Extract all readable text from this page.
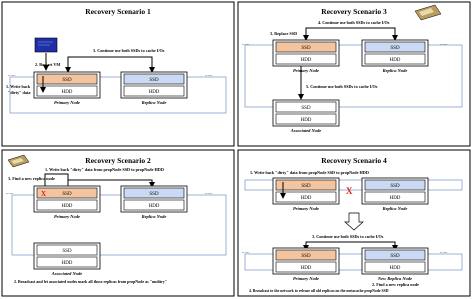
Recovery Scenario 1
3. Continue use both SSDs to cache I/Os
2. Restart VM
......	......
SSD
HDD
1. Write back
"dirty" data
Primary Node
SSD
HDD
Replica Node
Recovery Scenario 3
4. Continue use both SSDs to cache I/Os
3. Replace SSD
......	......
SSD
HDD
Primary Node
SSD
HDD
Replica Node
5. Continue use both SSDs to cache I/Os
SSD
HDD
Associated Node
Recovery Scenario 2
1. Write back "dirty" data from propNode SSD to propNode HDD
3. Find a new replica node
......	......
X	SSD
HDD
Primary Node
SSD
HDD
Replica Node
SSD
HDD
Associated Node
2. Broadcast and let associated nodes mark all those replicas from propNode as "unditry"
Recovery Scenario 4
1. Write back "dirty" data from propNode SSD to propNode HDD
SSD
HDD
Primary Node
X	SSD
HDD
Replica Node
3. Continue use both SSDs to cache I/Os
......	......
SSD
HDD
Primary Node
SSD
HDD
New Replica Node
2. Find a new replica node
4. Broadcast to the network to release all old replicas on the metacache propNode SSD
